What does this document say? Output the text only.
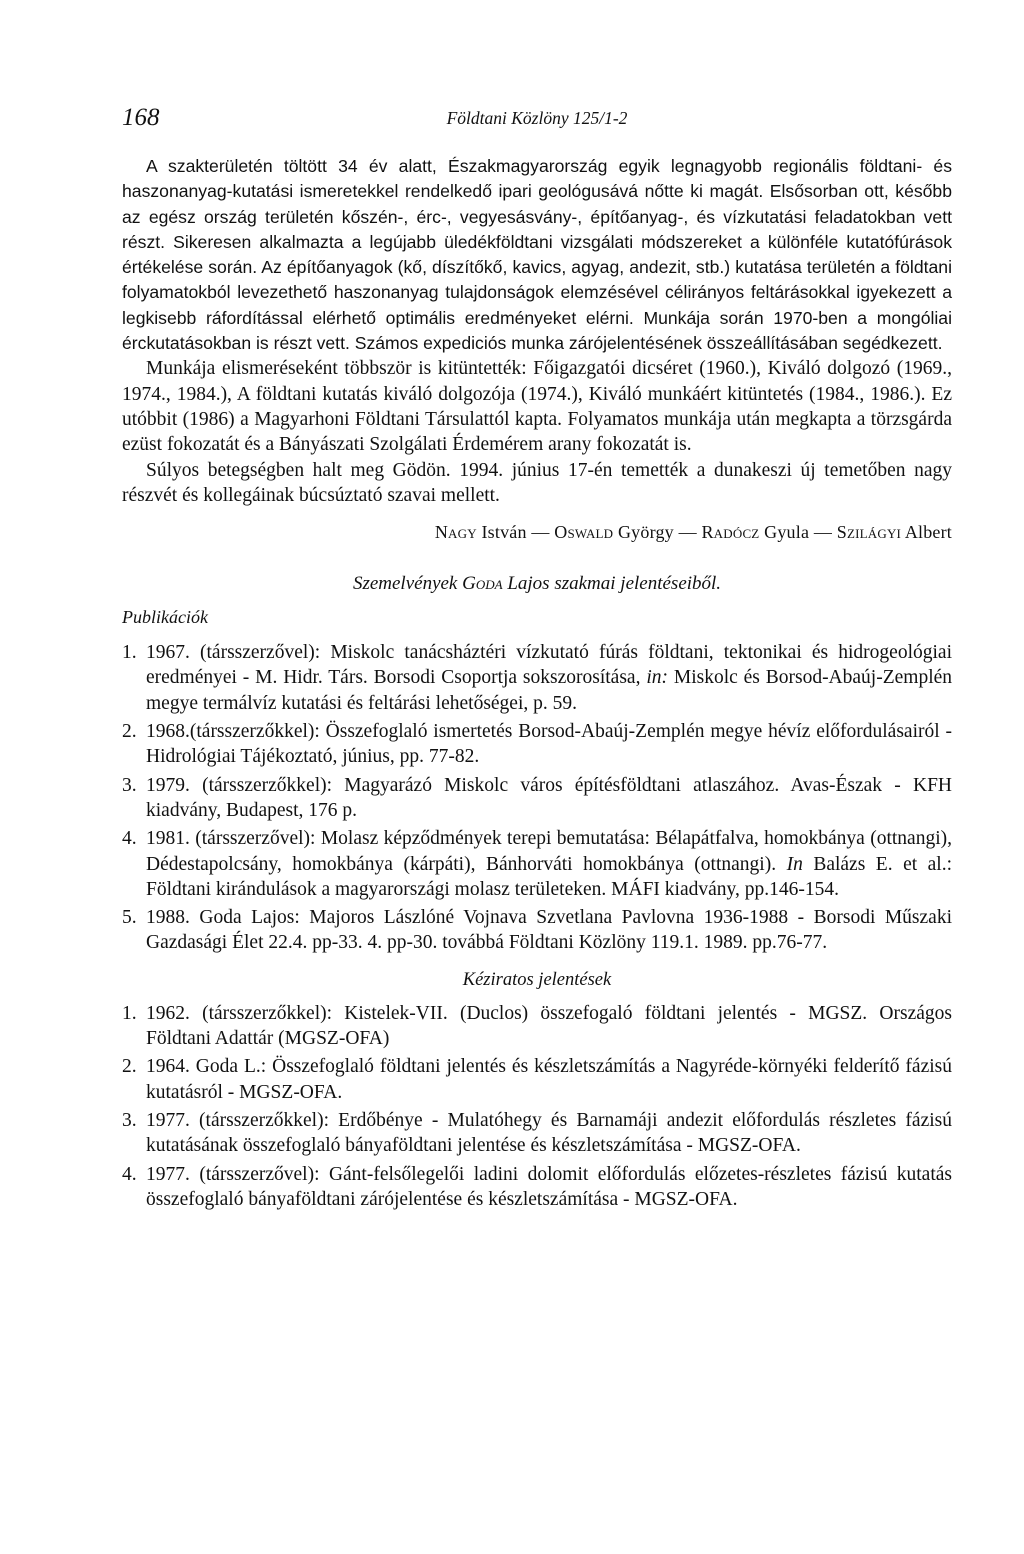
168	Földtani Közlöny 125/1-2

A szakterületén töltött 34 év alatt, Északmagyarország egyik legnagyobb regionális földtani- és haszonanyag-kutatási ismeretekkel rendelkedő ipari geológusává nőtte ki magát. Elsősorban ott, később az egész ország területén kőszén-, érc-, vegyesásvány-, építőanyag-, és vízkutatási feladatokban vett részt. Sikeresen alkalmazta a legújabb üledékföldtani vizsgálati módszereket a különféle kutatófúrások értékelése során. Az építőanyagok (kő, díszítőkő, kavics, agyag, andezit, stb.) kutatása területén a földtani folyamatokból levezethető haszonanyag tulajdonságok elemzésével célirányos feltárásokkal igyekezett a legkisebb ráfordítással elérhető optimális eredményeket elérni. Munkája során 1970-ben a mongóliai érckutatásokban is részt vett. Számos expediciós munka zárójelentésének összeállításában segédkezett.

Munkája elismeréseként többször is kitüntették: Főigazgatói dicséret (1960.), Kiváló dolgozó (1969., 1974., 1984.), A földtani kutatás kiváló dolgozója (1974.), Kiváló munkáért kitüntetés (1984., 1986.). Ez utóbbit (1986) a Magyarhoni Földtani Társulattól kapta. Folyamatos munkája után megkapta a törzsgárda ezüst fokozatát és a Bányászati Szolgálati Érdemérem arany fokozatát is.

Súlyos betegségben halt meg Gödön. 1994. június 17-én temették a dunakeszi új temetőben nagy részvét és kollegáinak búcsúztató szavai mellett.

Nagy István — Oswald György — Radócz Gyula — Szilágyi Albert
Szemelvények Goda Lajos szakmai jelentéseiből.
Publikációk
1. 1967. (társszerzővel): Miskolc tanácsháztéri vízkutató fúrás földtani, tektonikai és hidrogeológiai eredményei - M. Hidr. Társ. Borsodi Csoportja sokszorosítása, in: Miskolc és Borsod-Abaúj-Zemplén megye termálvíz kutatási és feltárási lehetőségei, p. 59.
2. 1968.(társszerzőkkel): Összefoglaló ismertetés Borsod-Abaúj-Zemplén megye hévíz előfordulásairól - Hidrológiai Tájékoztató, június, pp. 77-82.
3. 1979. (társszerzőkkel): Magyarázó Miskolc város építésföldtani atlaszához. Avas-Észak - KFH kiadvány, Budapest, 176 p.
4. 1981. (társszerzővel): Molasz képződmények terepi bemutatása: Bélapátfalva, homokbánya (ottnangi), Dédestapolcsány, homokbánya (kárpáti), Bánhorváti homokbánya (ottnangi). In Balázs E. et al.: Földtani kirándulások a magyarországi molasz területeken. MÁFI kiadvány, pp.146-154.
5. 1988. Goda Lajos: Majoros Lászlóné Vojnava Szvetlana Pavlovna 1936-1988 - Borsodi Műszaki Gazdasági Élet 22.4. pp-33. 4. pp-30. továbbá Földtani Közlöny 119.1. 1989. pp.76-77.
Kéziratos jelentések
1. 1962. (társszerzőkkel): Kistelek-VII. (Duclos) összefogaló földtani jelentés - MGSZ. Országos Földtani Adattár (MGSZ-OFA)
2. 1964. Goda L.: Összefoglaló földtani jelentés és készletszámítás a Nagyréde-környéki felderítő fázisú kutatásról - MGSZ-OFA.
3. 1977. (társszerzőkkel): Erdőbénye - Mulatóhegy és Barnamáji andezit előfordulás részletes fázisú kutatásának összefoglaló bányaföldtani jelentése és készletszámítása - MGSZ-OFA.
4. 1977. (társszerzővel): Gánt-felsőlegelői ladini dolomit előfordulás előzetes-részletes fázisú kutatás összefoglaló bányaföldtani zárójelentése és készletszámítása - MGSZ-OFA.
